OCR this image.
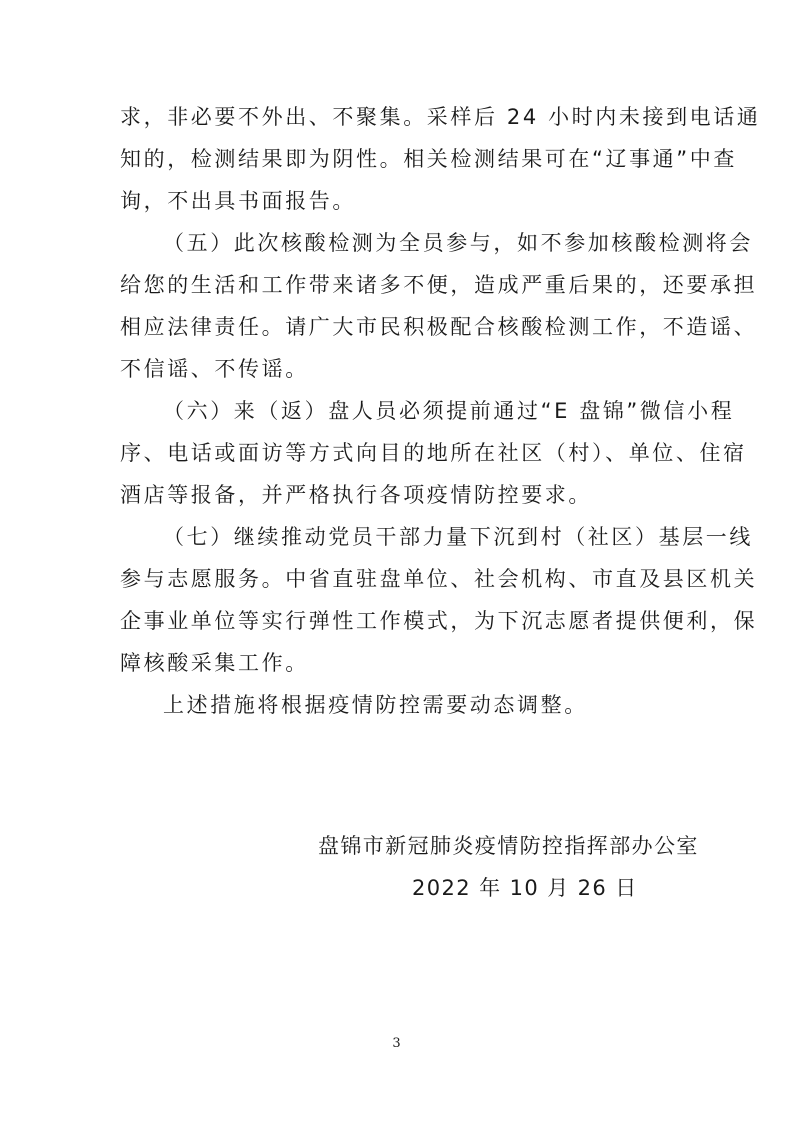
求，非必要不外出、不聚集。采样后 24 小时内未接到电话通
知的，检测结果即为阴性。相关检测结果可在“辽事通”中查
询，不出具书面报告。
（五）此次核酸检测为全员参与，如不参加核酸检测将会
给您的生活和工作带来诸多不便，造成严重后果的，还要承担
相应法律责任。请广大市民积极配合核酸检测工作，不造谣、
不信谣、不传谣。
（六）来（返）盘人员必须提前通过“E 盘锦”微信小程
序、电话或面访等方式向目的地所在社区（村）、单位、住宿
酒店等报备，并严格执行各项疫情防控要求。
（七）继续推动党员干部力量下沉到村（社区）基层一线
参与志愿服务。中省直驻盘单位、社会机构、市直及县区机关
企事业单位等实行弹性工作模式，为下沉志愿者提供便利，保
障核酸采集工作。
上述措施将根据疫情防控需要动态调整。
盘锦市新冠肺炎疫情防控指挥部办公室
2022 年 10 月 26 日
3
